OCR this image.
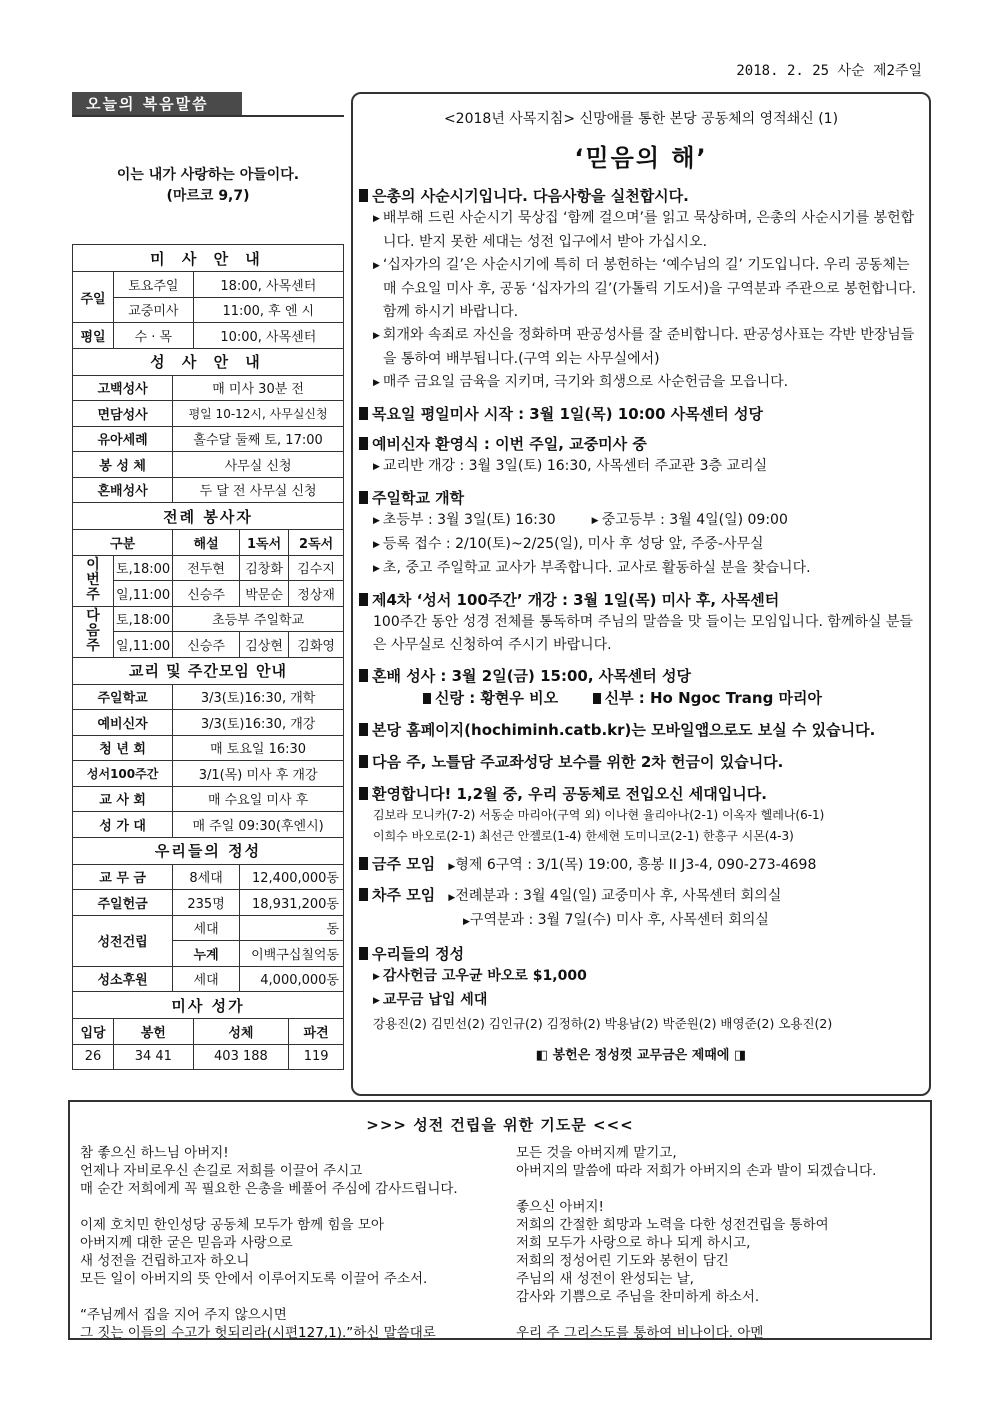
2018. 2. 25 사순 제2주일
오늘의 복음말씀
이는 내가 사랑하는 아들이다.
(마르코 9,7)
미 사 안 내					
주일	토요주일		18:00, 사목센터		
	교중미사		11:00, 후 엔 시		
평일	수 · 목		10:00, 사목센터		
성 사 안 내					
고백성사		매 미사 30분 전			
면담성사		평일 10-12시, 사무실신청			
유아세례		홀수달 둘째 토, 17:00			
봉 성 체		사무실 신청			
혼배성사		두 달 전 사무실 신청			
전례 봉사자					
구분		해설		1독서	2독서
이번주	토,18:00	전두현		김창화	김수지
	일,11:00	신승주		박문순	정상재
다음주	토,18:00	초등부 주일학교			
	일,11:00	신승주		김상현	김화영
교리 및 주간모임 안내					
주일학교		3/3(토)16:30, 개학			
예비신자		3/3(토)16:30, 개강			
청 년 회		매 토요일 16:30			
성서100주간		3/1(목) 미사 후 개강			
교 사 회		매 수요일 미사 후			
성 가 대		매 주일 09:30(후엔시)			
우리들의 정성					
교 무 금		8세대		12,400,000동	
주일헌금		235명		18,931,200동	
성전건립		세대		동	
		누계		이백구십칠억동	
성소후원		세대		4,000,000동	
미사 성가					
입당	봉헌		성체		파견
26	34 41		403 188		119
<2018년 사목지침> 신망애를 통한 본당 공동체의 영적쇄신 (1)
‘믿음의 해’
은총의 사순시기입니다. 다음사항을 실천합시다.
▶ 배부해 드린 사순시기 묵상집 ‘함께 걸으며’를 읽고 묵상하며, 은총의 사순시기를 봉헌합니다. 받지 못한 세대는 성전 입구에서 받아 가십시오.
▶ ‘십자가의 길’은 사순시기에 특히 더 봉헌하는 ‘예수님의 길’ 기도입니다. 우리 공동체는 매 수요일 미사 후, 공동 ‘십자가의 길’(가톨릭 기도서)을 구역분과 주관으로 봉헌합니다. 함께 하시기 바랍니다.
▶ 회개와 속죄로 자신을 정화하며 판공성사를 잘 준비합니다. 판공성사표는 각반 반장님들을 통하여 배부됩니다.(구역 외는 사무실에서)
▶ 매주 금요일 금육을 지키며, 극기와 희생으로 사순헌금을 모읍니다.
목요일 평일미사 시작 : 3월 1일(목) 10:00 사목센터 성당
예비신자 환영식 : 이번 주일, 교중미사 중
▶ 교리반 개강 : 3월 3일(토) 16:30, 사목센터 주교관 3층 교리실
주일학교 개학
▶ 초등부 : 3월 3일(토) 16:30	▶ 중고등부 : 3월 4일(일) 09:00
▶ 등록 접수 : 2/10(토)~2/25(일), 미사 후 성당 앞, 주중-사무실
▶ 초, 중고 주일학교 교사가 부족합니다. 교사로 활동하실 분을 찾습니다.
제4차 ‘성서 100주간’ 개강 : 3월 1일(목) 미사 후, 사목센터
100주간 동안 성경 전체를 통독하며 주님의 말씀을 맛 들이는 모임입니다. 함께하실 분들은 사무실로 신청하여 주시기 바랍니다.
혼배 성사 : 3월 2일(금) 15:00, 사목센터 성당
신랑 : 황현우 비오	신부 : Ho Ngoc Trang 마리아
본당 홈페이지(hochiminh.catb.kr)는 모바일앱으로도 보실 수 있습니다.
다음 주, 노틀담 주교좌성당 보수를 위한 2차 헌금이 있습니다.
환영합니다! 1,2월 중, 우리 공동체로 전입오신 세대입니다.
김보라 모니카(7-2) 서동순 마리아(구역 외) 이나현 율리아나(2-1) 이옥자 헬레나(6-1)
이희수 바오로(2-1) 최선근 안젤로(1-4) 한세현 도미니코(2-1) 한흥구 시몬(4-3)
금주 모임 ▶형제 6구역 : 3/1(목) 19:00, 흥봉 II J3-4, 090-273-4698
차주 모임 ▶전례분과 : 3월 4일(일) 교중미사 후, 사목센터 회의실
▶구역분과 : 3월 7일(수) 미사 후, 사목센터 회의실
우리들의 정성
▶ 감사헌금 고우균 바오로 $1,000
▶ 교무금 납입 세대
강용진(2) 김민선(2) 김인규(2) 김정하(2) 박용남(2) 박준원(2) 배영준(2) 오용진(2)
◧ 봉헌은 정성껏 교무금은 제때에 ◨
>>> 성전 건립을 위한 기도문 <<<
참 좋으신 하느님 아버지!
언제나 자비로우신 손길로 저희를 이끌어 주시고
매 순간 저희에게 꼭 필요한 은총을 베풀어 주심에 감사드립니다.

이제 호치민 한인성당 공동체 모두가 함께 힘을 모아
아버지께 대한 굳은 믿음과 사랑으로
새 성전을 건립하고자 하오니
모든 일이 아버지의 뜻 안에서 이루어지도록 이끌어 주소서.

“주님께서 집을 지어 주지 않으시면
그 짓는 이들의 수고가 헛되리라(시편127,1).”하신 말씀대로
모든 것을 아버지께 맡기고,
아버지의 말씀에 따라 저희가 아버지의 손과 발이 되겠습니다.

좋으신 아버지!
저희의 간절한 희망과 노력을 다한 성전건립을 통하여
저희 모두가 사랑으로 하나 되게 하시고,
저희의 정성어린 기도와 봉헌이 담긴
주님의 새 성전이 완성되는 날,
감사와 기쁨으로 주님을 찬미하게 하소서.

우리 주 그리스도를 통하여 비나이다. 아멘
